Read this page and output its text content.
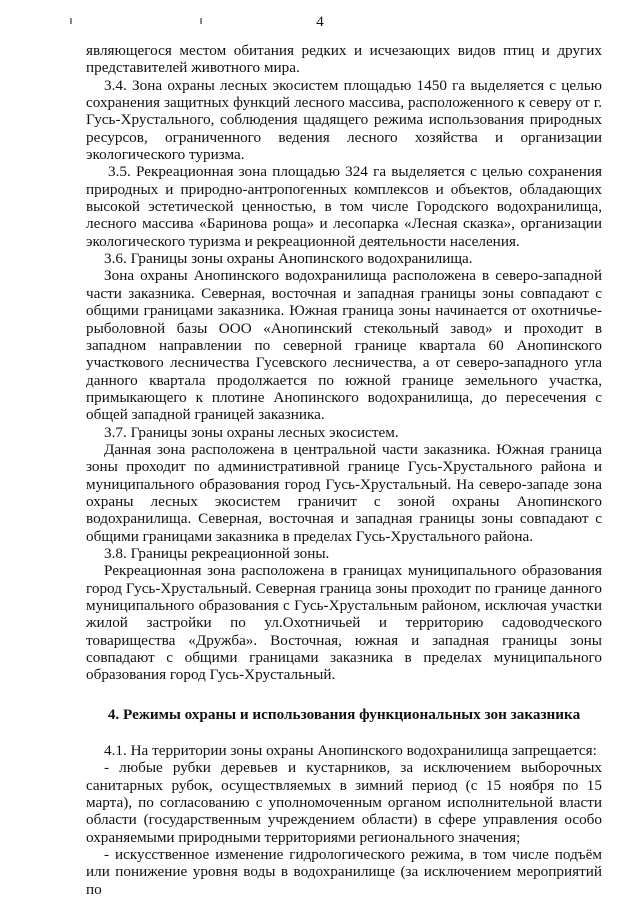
4

являющегося местом обитания редких и исчезающих видов птиц и других представителей животного мира.

3.4. Зона охраны лесных экосистем площадью 1450 га выделяется с целью сохранения защитных функций лесного массива, расположенного к северу от г. Гусь-Хрустального, соблюдения щадящего режима использования природных ресурсов, ограниченного ведения лесного хозяйства и организации экологического туризма.

3.5. Рекреационная зона площадью 324 га выделяется с целью сохранения природных и природно-антропогенных комплексов и объектов, обладающих высокой эстетической ценностью, в том числе Городского водохранилища, лесного массива «Баринова роща» и лесопарка «Лесная сказка», организации экологического туризма и рекреационной деятельности населения.

3.6. Границы зоны охраны Анопинского водохранилища.

Зона охраны Анопинского водохранилища расположена в северо-западной части заказника. Северная, восточная и западная границы зоны совпадают с общими границами заказника. Южная граница зоны начинается от охотничье-рыболовной базы ООО «Анопинский стекольный завод» и проходит в западном направлении по северной границе квартала 60 Анопинского участкового лесничества Гусевского лесничества, а от северо-западного угла данного квартала продолжается по южной границе земельного участка, примыкающего к плотине Анопинского водохранилища, до пересечения с общей западной границей заказника.

3.7. Границы зоны охраны лесных экосистем.

Данная зона расположена в центральной части заказника. Южная граница зоны проходит по административной границе Гусь-Хрустального района и муниципального образования город Гусь-Хрустальный. На северо-западе зона охраны лесных экосистем граничит с зоной охраны Анопинского водохранилища. Северная, восточная и западная границы зоны совпадают с общими границами заказника в пределах Гусь-Хрустального района.

3.8. Границы рекреационной зоны.

Рекреационная зона расположена в границах муниципального образования город Гусь-Хрустальный. Северная граница зоны проходит по границе данного муниципального образования с Гусь-Хрустальным районом, исключая участки жилой застройки по ул.Охотничьей и территорию садоводческого товарищества «Дружба». Восточная, южная и западная границы зоны совпадают с общими границами заказника в пределах муниципального образования город Гусь-Хрустальный.

4. Режимы охраны и использования функциональных зон заказника

4.1. На территории зоны охраны Анопинского водохранилища запрещается:

- любые рубки деревьев и кустарников, за исключением выборочных санитарных рубок, осуществляемых в зимний период (с 15 ноября по 15 марта), по согласованию с уполномоченным органом исполнительной власти области (государственным учреждением области) в сфере управления особо охраняемыми природными территориями регионального значения;

- искусственное изменение гидрологического режима, в том числе подъём или понижение уровня воды в водохранилище (за исключением мероприятий по
